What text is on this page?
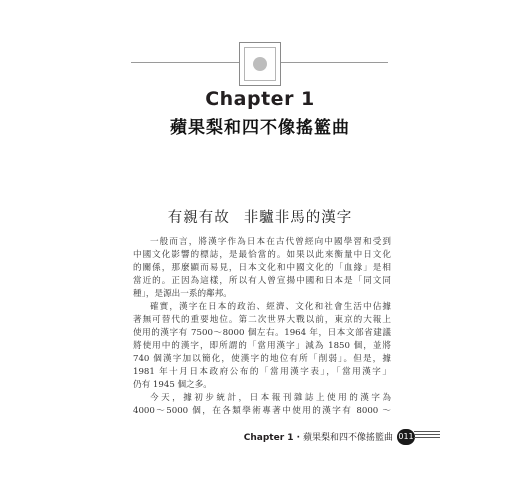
Chapter 1
蘋果梨和四不像搖籃曲
有親有故 非驢非馬的漢字
一般而言，將漢字作為日本在古代曾經向中國學習和受到
中國文化影響的標誌，是最恰當的。如果以此來衡量中日文化
的關係，那麼顯而易見，日本文化和中國文化的「血緣」是相
當近的。正因為這樣，所以有人曾宣揚中國和日本是「同文同
種」，是源出一系的鄰邦。
確實，漢字在日本的政治、經濟、文化和社會生活中佔據
著無可替代的重要地位。第二次世界大戰以前，東京的大報上
使用的漢字有 7500～8000 個左右。1964 年，日本文部省建議
將使用中的漢字，即所謂的「當用漢字」減為 1850 個，並將
740 個漢字加以簡化，使漢字的地位有所「削弱」。但是，據
1981 年十月日本政府公布的「當用漢字表」，「當用漢字」
仍有 1945 個之多。
今天，據初步統計，日本報刊雜誌上使用的漢字為
4000～5000 個，在各類學術專著中使用的漢字有 8000 ～
Chapter 1 ‧ 蘋果梨和四不像搖籃曲 011
